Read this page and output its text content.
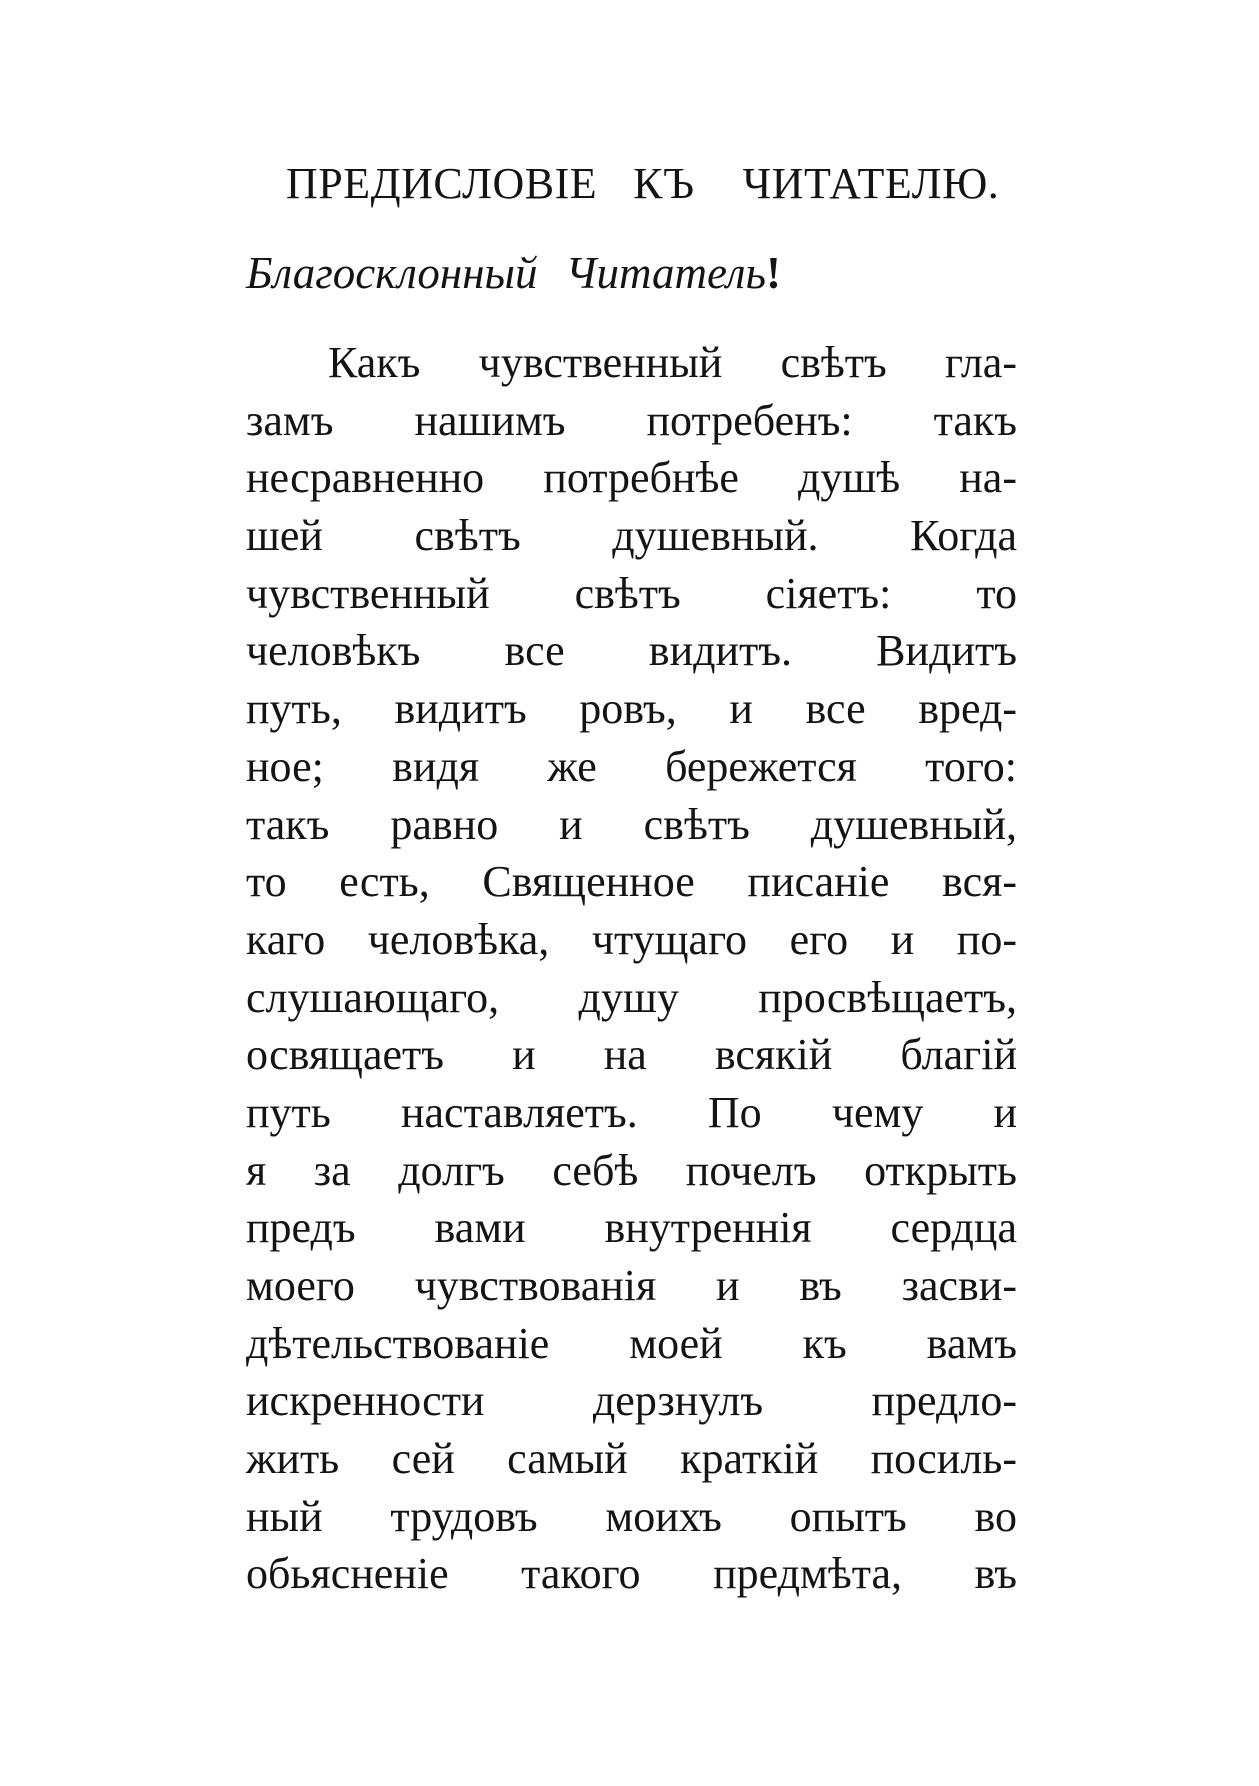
ПРЕДИСЛОВІЕ КЪ ЧИТАТЕЛЮ.
Благосклонный Читатель!
Какъ чувственный свѣтъ гла-
замъ нашимъ потребенъ: такъ
несравненно потребнѣе душѣ на-
шей свѣтъ душевный. Когда
чувственный свѣтъ сіяетъ: то
человѣкъ все видитъ. Видитъ
путь, видитъ ровъ, и все вред-
ное; видя же бережется того:
такъ равно и свѣтъ душевный,
то есть, Священное писаніе вся-
каго человѣка, чтущаго его и по-
слушающаго, душу просвѣщаетъ,
освящаетъ и на всякій благій
путь наставляетъ. По чему и
я за долгъ себѣ почелъ открыть
предъ вами внутреннія сердца
моего чувствованія и въ засви-
дѣтельствованіе моей къ вамъ
искренности дерзнулъ предло-
жить сей самый краткій посиль-
ный трудовъ моихъ опытъ во
обьясненіе такого предмѣта, въ
